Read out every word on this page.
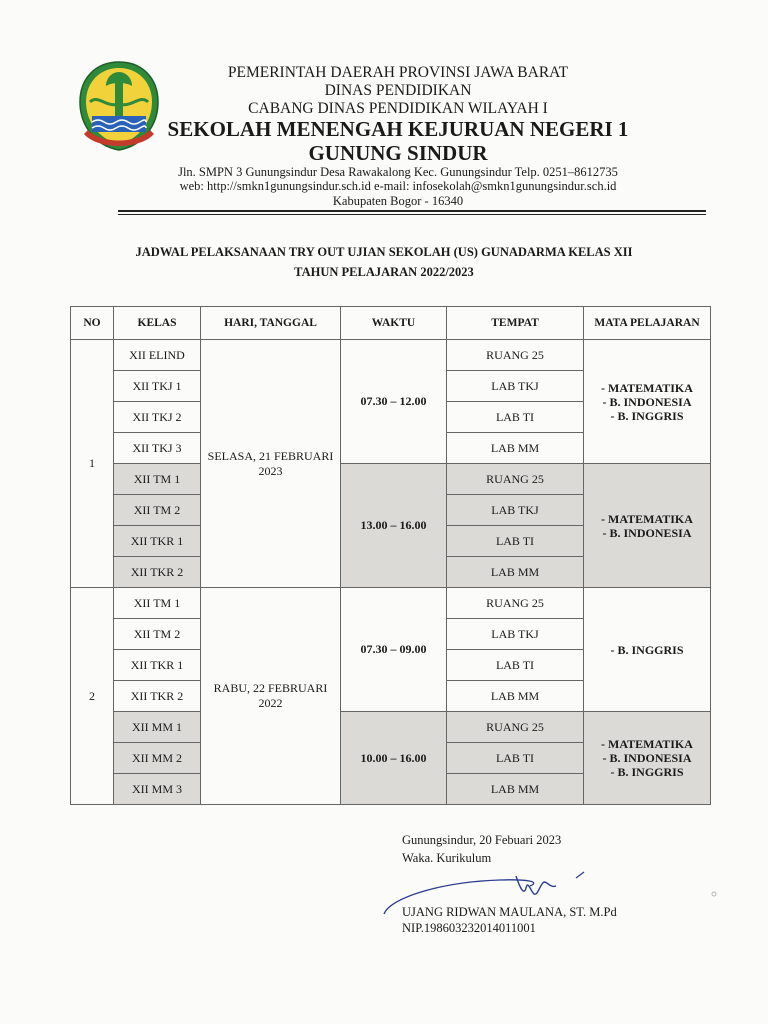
PEMERINTAH DAERAH PROVINSI JAWA BARAT
DINAS PENDIDIKAN
CABANG DINAS PENDIDIKAN WILAYAH I
SEKOLAH MENENGAH KEJURUAN NEGERI 1
GUNUNG SINDUR
Jln. SMPN 3 Gunungsindur Desa Rawakalong Kec. Gunungsindur Telp. 0251–8612735
web: http://smkn1gunungsindur.sch.id e-mail: infosekolah@smkn1gunungsindur.sch.id
Kabupaten Bogor - 16340
JADWAL PELAKSANAAN TRY OUT UJIAN SEKOLAH (US) GUNADARMA KELAS XII
TAHUN PELAJARAN 2022/2023
NO	KELAS	HARI, TANGGAL	WAKTU	TEMPAT	MATA PELAJARAN
1	XII ELIND	SELASA, 21 FEBRUARI 2023	07.30 – 12.00	RUANG 25	- MATEMATIKA
- B. INDONESIA
- B. INGGRIS

	XII TKJ 1			LAB TKJ	
	XII TKJ 2			LAB TI	
	XII TKJ 3			LAB MM	
	XII TM 1		13.00 – 16.00	RUANG 25	- MATEMATIKA
- B. INDONESIA

	XII TM 2			LAB TKJ	
	XII TKR 1			LAB TI	
	XII TKR 2			LAB MM	
2	XII TM 1	RABU, 22 FEBRUARI 2022	07.30 – 09.00	RUANG 25	- B. INGGRIS

	XII TM 2			LAB TKJ	
	XII TKR 1			LAB TI	
	XII TKR 2			LAB MM	
	XII MM 1		10.00 – 16.00	RUANG 25	- MATEMATIKA
- B. INDONESIA
- B. INGGRIS

	XII MM 2			LAB TI	
	XII MM 3			LAB MM	
Gunungsindur, 20 Febuari 2023
Waka. Kurikulum
UJANG RIDWAN MAULANA, ST. M.Pd
NIP.198603232014011001
